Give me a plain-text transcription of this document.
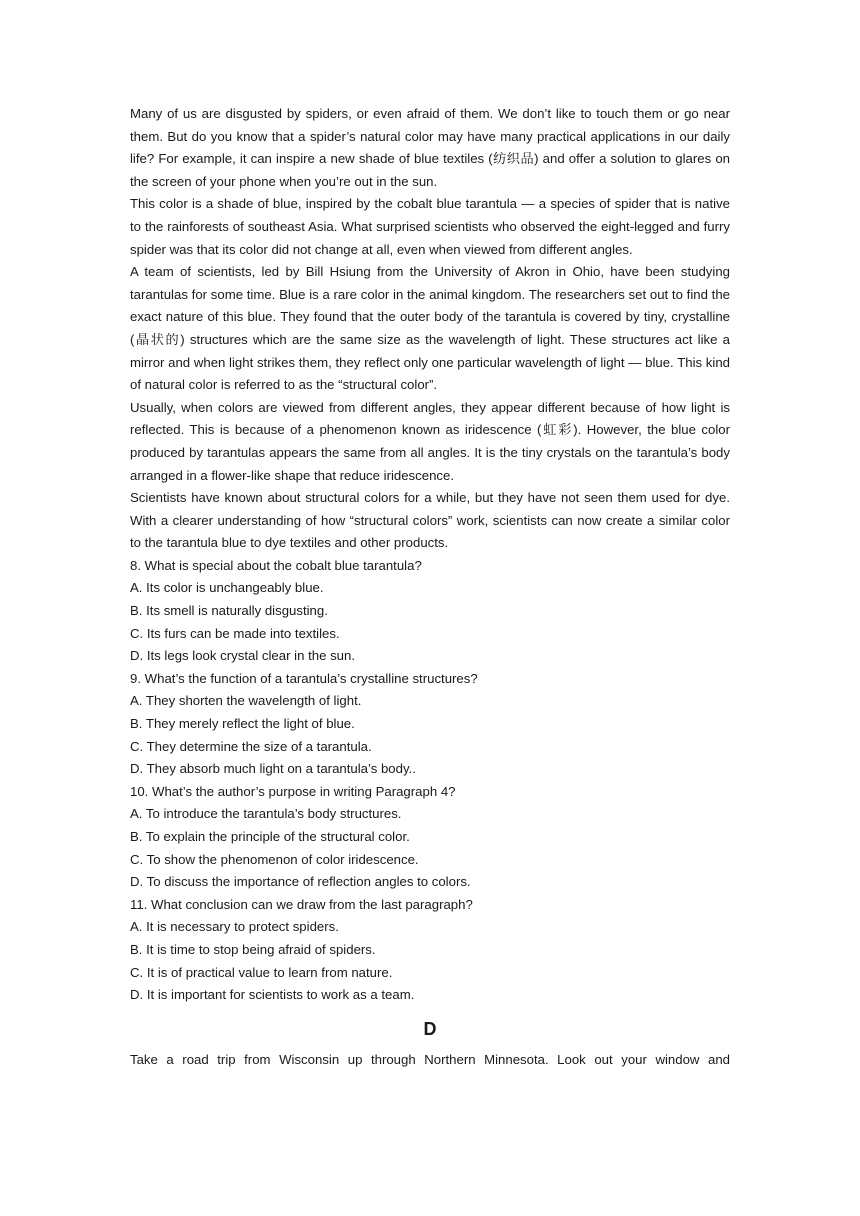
Many of us are disgusted by spiders, or even afraid of them. We don’t like to touch them or go near them. But do you know that a spider’s natural color may have many practical applications in our daily life? For example, it can inspire a new shade of blue textiles (纺织品) and offer a solution to glares on the screen of your phone when you’re out in the sun.

This color is a shade of blue, inspired by the cobalt blue tarantula — a species of spider that is native to the rainforests of southeast Asia. What surprised scientists who observed the eight-legged and furry spider was that its color did not change at all, even when viewed from different angles.

A team of scientists, led by Bill Hsiung from the University of Akron in Ohio, have been studying tarantulas for some time. Blue is a rare color in the animal kingdom. The researchers set out to find the exact nature of this blue. They found that the outer body of the tarantula is covered by tiny, crystalline (晶状的) structures which are the same size as the wavelength of light. These structures act like a mirror and when light strikes them, they reflect only one particular wavelength of light — blue. This kind of natural color is referred to as the “structural color”.

Usually, when colors are viewed from different angles, they appear different because of how light is reflected. This is because of a phenomenon known as iridescence (虹彩). However, the blue color produced by tarantulas appears the same from all angles. It is the tiny crystals on the tarantula’s body arranged in a flower-like shape that reduce iridescence.

Scientists have known about structural colors for a while, but they have not seen them used for dye. With a clearer understanding of how “structural colors” work, scientists can now create a similar color to the tarantula blue to dye textiles and other products.

8. What is special about the cobalt blue tarantula?

A. Its color is unchangeably blue.

B. Its smell is naturally disgusting.

C. Its furs can be made into textiles.

D. Its legs look crystal clear in the sun.

9. What’s the function of a tarantula’s crystalline structures?

A. They shorten the wavelength of light.

B. They merely reflect the light of blue.

C. They determine the size of a tarantula.

D. They absorb much light on a tarantula’s body..

10. What’s the author’s purpose in writing Paragraph 4?

A. To introduce the tarantula’s body structures.

B. To explain the principle of the structural color.

C. To show the phenomenon of color iridescence.

D. To discuss the importance of reflection angles to colors.

11. What conclusion can we draw from the last paragraph?

A. It is necessary to protect spiders.

B. It is time to stop being afraid of spiders.

C. It is of practical value to learn from nature.

D. It is important for scientists to work as a team.

D

Take a road trip from Wisconsin up through Northern Minnesota. Look out your window and
